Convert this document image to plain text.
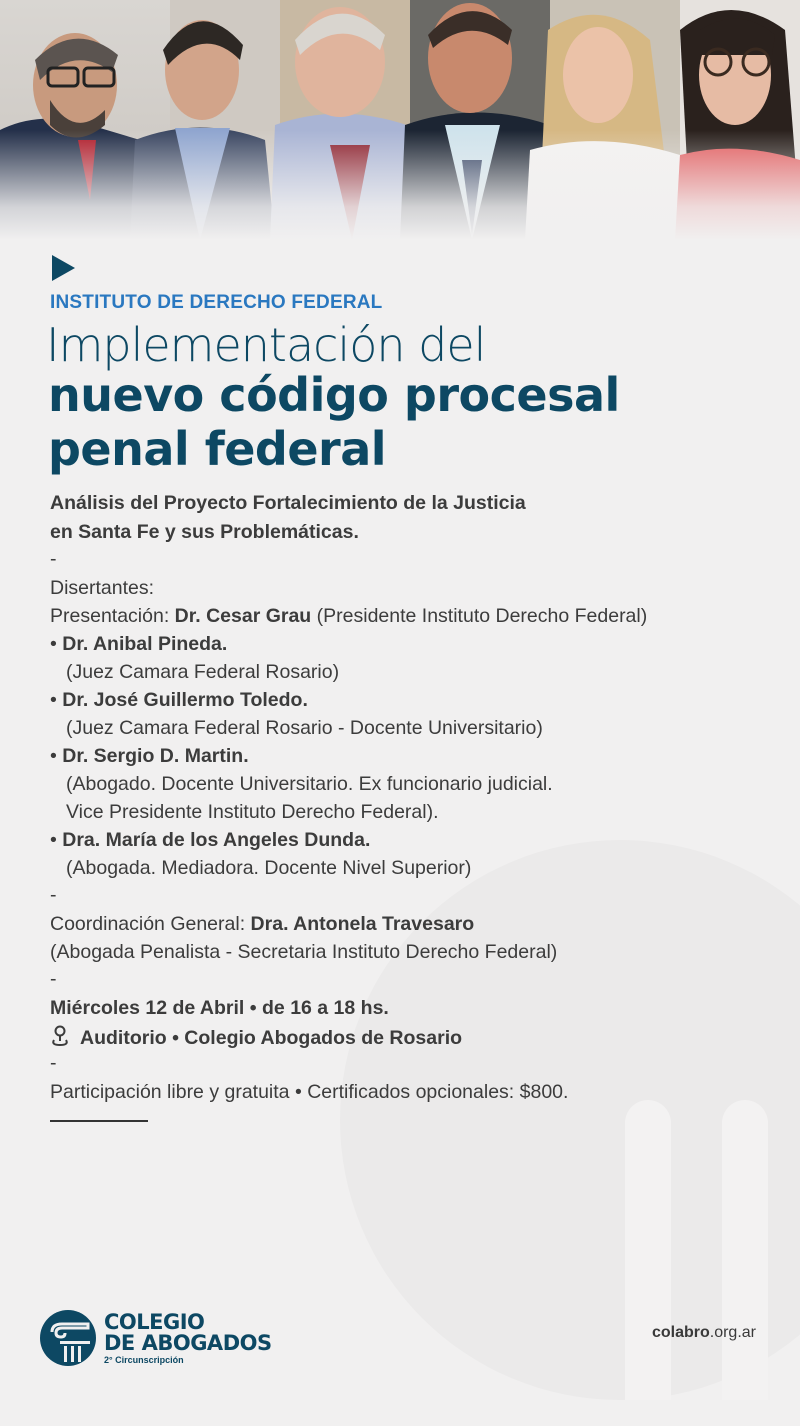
INSTITUTO DE DERECHO FEDERAL
Implementación del
nuevo código procesal
penal federal
Análisis del Proyecto Fortalecimiento de la Justicia
en Santa Fe y sus Problemáticas.
-
Disertantes:
Presentación: Dr. Cesar Grau (Presidente Instituto Derecho Federal)
• Dr. Anibal Pineda.
(Juez Camara Federal Rosario)
• Dr. José Guillermo Toledo.
(Juez Camara Federal Rosario - Docente Universitario)
• Dr. Sergio D. Martin.
(Abogado. Docente Universitario. Ex funcionario judicial.
Vice Presidente Instituto Derecho Federal).
• Dra. María de los Angeles Dunda.
(Abogada. Mediadora. Docente Nivel Superior)
-
Coordinación General: Dra. Antonela Travesaro
(Abogada Penalista - Secretaria Instituto Derecho Federal)
-
Miércoles 12 de Abril • de 16 a 18 hs.
Auditorio • Colegio Abogados de Rosario
-
Participación libre y gratuita • Certificados opcionales: $800.
COLEGIO
DE ABOGADOS
2° Circunscripción
colabro.org.ar
